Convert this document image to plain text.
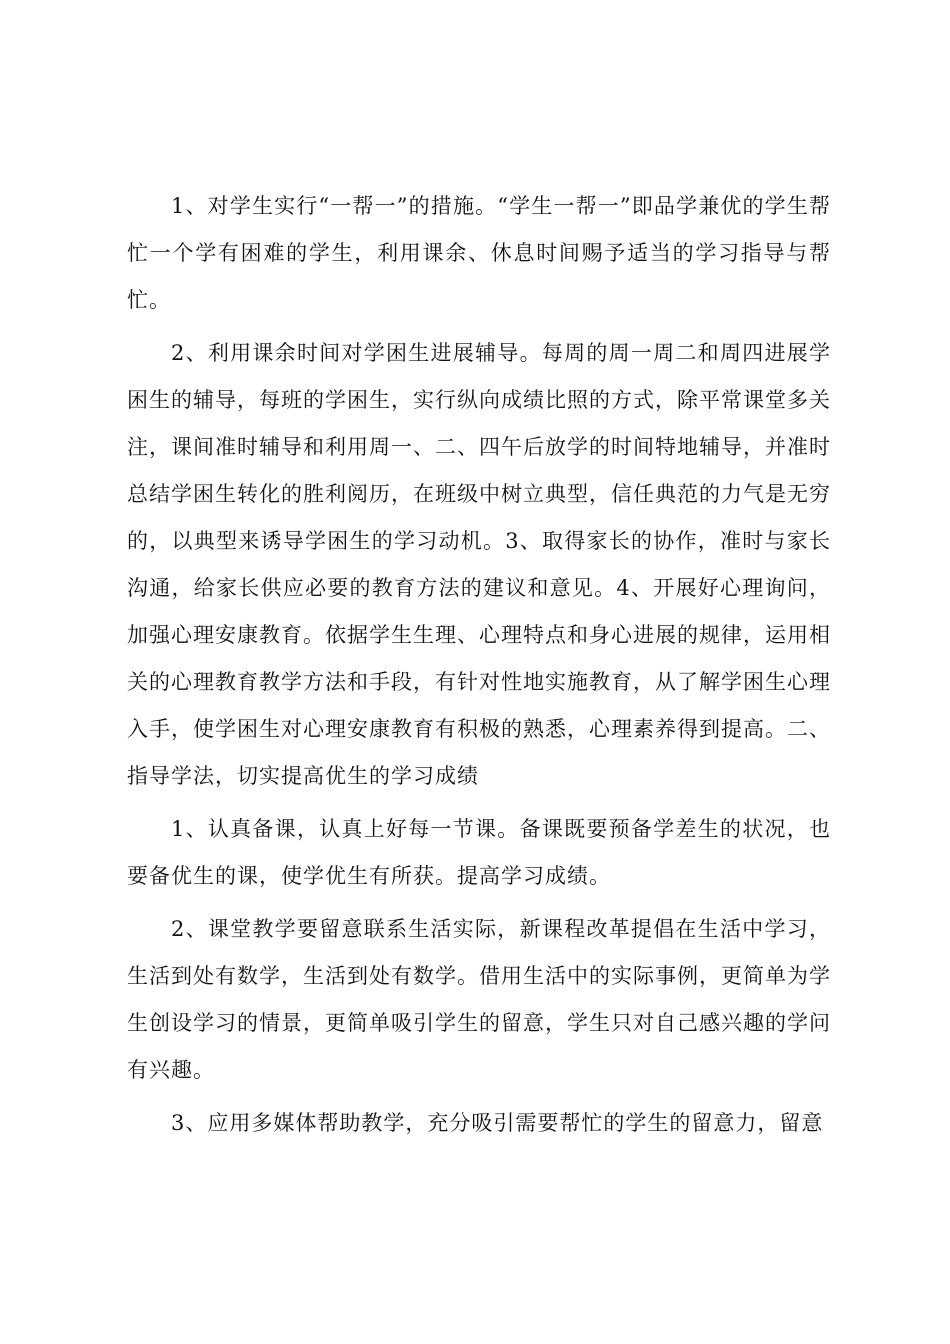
1、对学生实行“一帮一”的措施。“学生一帮一”即品学兼优的学生帮忙一个学有困难的学生，利用课余、休息时间赐予适当的学习指导与帮忙。

2、利用课余时间对学困生进展辅导。每周的周一周二和周四进展学困生的辅导，每班的学困生，实行纵向成绩比照的方式，除平常课堂多关注，课间准时辅导和利用周一、二、四午后放学的时间特地辅导，并准时总结学困生转化的胜利阅历，在班级中树立典型，信任典范的力气是无穷的，以典型来诱导学困生的学习动机。3、取得家长的协作，准时与家长沟通，给家长供应必要的教育方法的建议和意见。4、开展好心理询问，加强心理安康教育。依据学生生理、心理特点和身心进展的规律，运用相关的心理教育教学方法和手段，有针对性地实施教育，从了解学困生心理入手，使学困生对心理安康教育有积极的熟悉，心理素养得到提高。二、指导学法，切实提高优生的学习成绩

1、认真备课，认真上好每一节课。备课既要预备学差生的状况，也要备优生的课，使学优生有所获。提高学习成绩。

2、课堂教学要留意联系生活实际，新课程改革提倡在生活中学习，生活到处有数学，生活到处有数学。借用生活中的实际事例，更简单为学生创设学习的情景，更简单吸引学生的留意，学生只对自己感兴趣的学问有兴趣。

3、应用多媒体帮助教学，充分吸引需要帮忙的学生的留意力，留意
